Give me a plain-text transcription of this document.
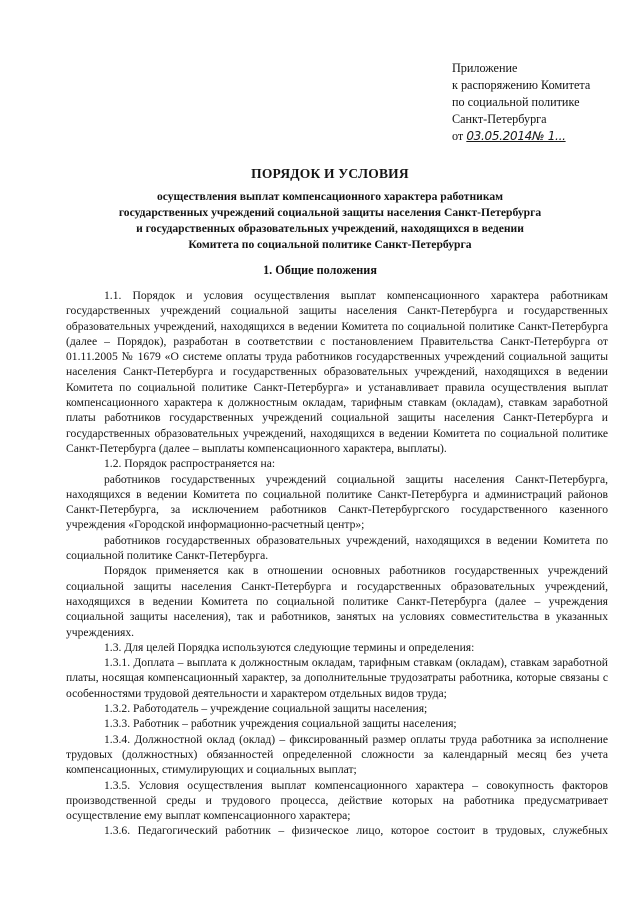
Приложение
к распоряжению Комитета
по социальной политике
Санкт-Петербурга
от 03.05.2014№ 1...

ПОРЯДОК И УСЛОВИЯ

осуществления выплат компенсационного характера работникам
государственных учреждений социальной защиты населения Санкт-Петербурга
и государственных образовательных учреждений, находящихся в ведении
Комитета по социальной политике Санкт-Петербурга

1. Общие положения

1.1. Порядок и условия осуществления выплат компенсационного характера работникам государственных учреждений социальной защиты населения Санкт-Петербурга и государственных образовательных учреждений, находящихся в ведении Комитета по социальной политике Санкт-Петербурга (далее – Порядок), разработан в соответствии с постановлением Правительства Санкт-Петербурга от 01.11.2005 № 1679 «О системе оплаты труда работников государственных учреждений социальной защиты населения Санкт-Петербурга и государственных образовательных учреждений, находящихся в ведении Комитета по социальной политике Санкт-Петербурга» и устанавливает правила осуществления выплат компенсационного характера к должностным окладам, тарифным ставкам (окладам), ставкам заработной платы работников государственных учреждений социальной защиты населения Санкт-Петербурга и государственных образовательных учреждений, находящихся в ведении Комитета по социальной политике Санкт-Петербурга (далее – выплаты компенсационного характера, выплаты).

1.2. Порядок распространяется на:

работников государственных учреждений социальной защиты населения Санкт-Петербурга, находящихся в ведении Комитета по социальной политике Санкт-Петербурга и администраций районов Санкт-Петербурга, за исключением работников Санкт-Петербургского государственного казенного учреждения «Городской информационно-расчетный центр»;

работников государственных образовательных учреждений, находящихся в ведении Комитета по социальной политике Санкт-Петербурга.

Порядок применяется как в отношении основных работников государственных учреждений социальной защиты населения Санкт-Петербурга и государственных образовательных учреждений, находящихся в ведении Комитета по социальной политике Санкт-Петербурга (далее – учреждения социальной защиты населения), так и работников, занятых на условиях совместительства в указанных учреждениях.

1.3. Для целей Порядка используются следующие термины и определения:

1.3.1. Доплата – выплата к должностным окладам, тарифным ставкам (окладам), ставкам заработной платы, носящая компенсационный характер, за дополнительные трудозатраты работника, которые связаны с особенностями трудовой деятельности и характером отдельных видов труда;

1.3.2. Работодатель – учреждение социальной защиты населения;

1.3.3. Работник – работник учреждения социальной защиты населения;

1.3.4. Должностной оклад (оклад) – фиксированный размер оплаты труда работника за исполнение трудовых (должностных) обязанностей определенной сложности за календарный месяц без учета компенсационных, стимулирующих и социальных выплат;

1.3.5. Условия осуществления выплат компенсационного характера – совокупность факторов производственной среды и трудового процесса, действие которых на работника предусматривает осуществление ему выплат компенсационного характера;

1.3.6. Педагогический работник – физическое лицо, которое состоит в трудовых, служебных
